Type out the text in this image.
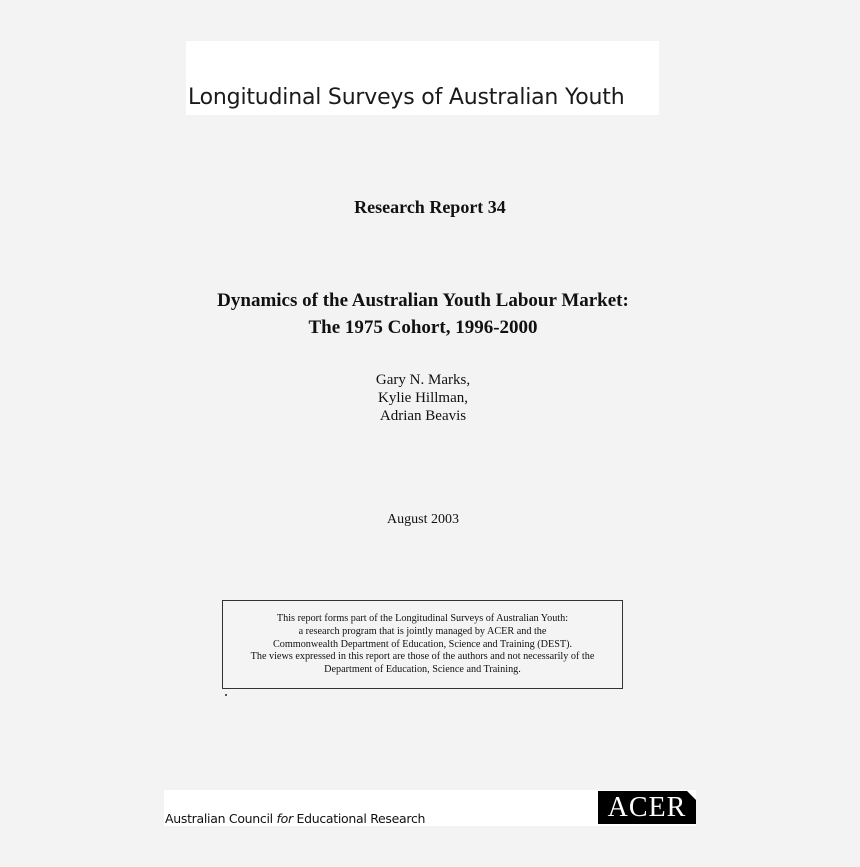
Longitudinal Surveys of Australian Youth
Research Report 34
Dynamics of the Australian Youth Labour Market:
The 1975 Cohort, 1996-2000
Gary N. Marks,
Kylie Hillman,
Adrian Beavis
August 2003
This report forms part of the Longitudinal Surveys of Australian Youth:
a research program that is jointly managed by ACER and the
Commonwealth Department of Education, Science and Training (DEST).
The views expressed in this report are those of the authors and not necessarily of the
Department of Education, Science and Training.
Australian Council for Educational Research	ACER
